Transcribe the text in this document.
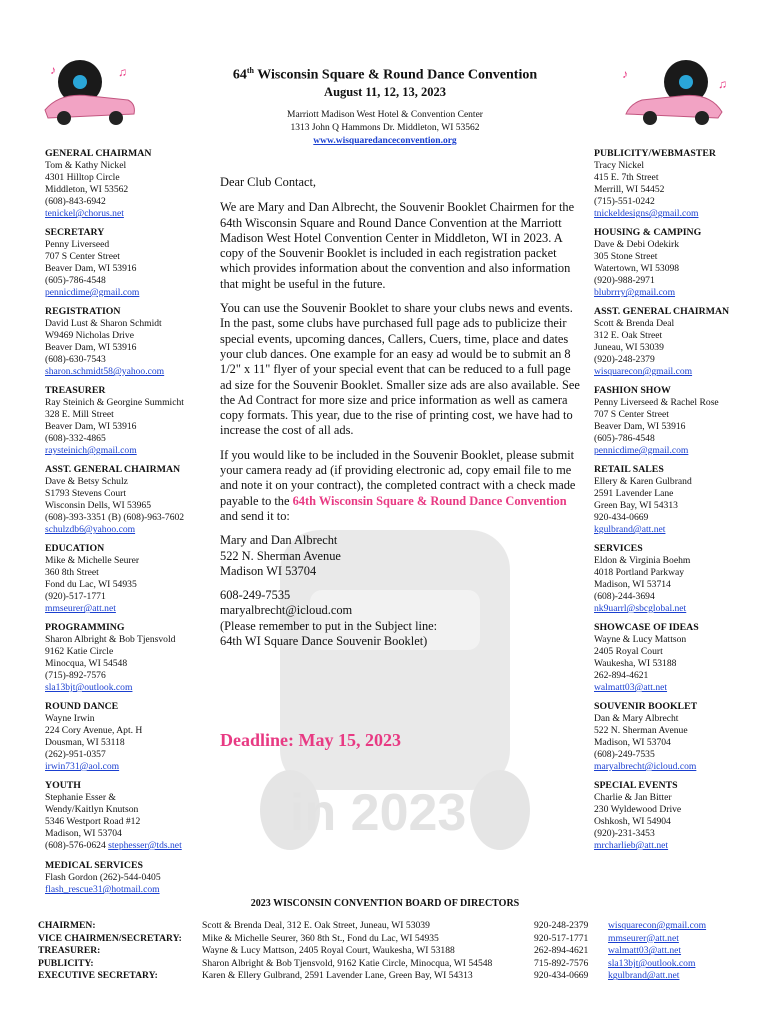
in 2023
♪	♫	♪
♫
64th Wisconsin Square & Round Dance Convention
August 11, 12, 13, 2023
Marriott Madison West Hotel & Convention Center
1313 John Q Hammons Dr. Middleton, WI 53562
www.wisquaredanceconvention.org
GENERAL CHAIRMAN
Tom & Kathy Nickel
4301 Hilltop Circle
Middleton, WI 53562
(608)-843-6942
tenickel@chorus.net
SECRETARY
Penny Liverseed
707 S Center Street
Beaver Dam, WI 53916
(605)-786-4548
pennicdime@gmail.com
REGISTRATION
David Lust & Sharon Schmidt
W9469 Nicholas Drive
Beaver Dam, WI 53916
(608)-630-7543
sharon.schmidt58@yahoo.com
TREASURER
Ray Steinich & Georgine Summicht
328 E. Mill Street
Beaver Dam, WI 53916
(608)-332-4865
raysteinich@gmail.com
ASST. GENERAL CHAIRMAN
Dave & Betsy Schulz
S1793 Stevens Court
Wisconsin Dells, WI 53965
(608)-393-3351 (B) (608)-963-7602
schulzdb6@yahoo.com
EDUCATION
Mike & Michelle Seurer
360 8th Street
Fond du Lac, WI 54935
(920)-517-1771
mmseurer@att.net
PROGRAMMING
Sharon Albright & Bob Tjensvold
9162 Katie Circle
Minocqua, WI 54548
(715)-892-7576
sla13bjt@outlook.com
ROUND DANCE
Wayne Irwin
224 Cory Avenue, Apt. H
Dousman, WI 53118
(262)-951-0357
irwin731@aol.com
YOUTH
Stephanie Esser &
Wendy/Kaitlyn Knutson
5346 Westport Road #12
Madison, WI 53704
(608)-576-0624 stephesser@tds.net
MEDICAL SERVICES
Flash Gordon (262)-544-0405
flash_rescue31@hotmail.com
PUBLICITY/WEBMASTER
Tracy Nickel
415 E. 7th Street
Merrill, WI 54452
(715)-551-0242
tnickeldesigns@gmail.com
HOUSING & CAMPING
Dave & Debi Odekirk
305 Stone Street
Watertown, WI 53098
(920)-988-2971
blubrrry@gmail.com
ASST. GENERAL CHAIRMAN
Scott & Brenda Deal
312 E. Oak Street
Juneau, WI 53039
(920)-248-2379
wisquarecon@gmail.com
FASHION SHOW
Penny Liverseed & Rachel Rose
707 S Center Street
Beaver Dam, WI 53916
(605)-786-4548
pennicdime@gmail.com
RETAIL SALES
Ellery & Karen Gulbrand
2591 Lavender Lane
Green Bay, WI 54313
920-434-0669
kgulbrand@att.net
SERVICES
Eldon & Virginia Boehm
4018 Portland Parkway
Madison, WI 53714
(608)-244-3694
nk9uarrl@sbcglobal.net
SHOWCASE OF IDEAS
Wayne & Lucy Mattson
2405 Royal Court
Waukesha, WI 53188
262-894-4621
walmatt03@att.net
SOUVENIR BOOKLET
Dan & Mary Albrecht
522 N. Sherman Avenue
Madison, WI 53704
(608)-249-7535
maryalbrecht@icloud.com
SPECIAL EVENTS
Charlie & Jan Bitter
230 Wyldewood Drive
Oshkosh, WI 54904
(920)-231-3453
mrcharlieb@att.net

Dear Club Contact,

We are Mary and Dan Albrecht, the Souvenir Booklet Chairmen for the 64th Wisconsin Square and Round Dance Convention at the Marriott Madison West Hotel Convention Center in Middleton, WI in 2023. A copy of the Souvenir Booklet is included in each registration packet which provides information about the convention and also information that might be useful in the future.

You can use the Souvenir Booklet to share your clubs news and events. In the past, some clubs have purchased full page ads to publicize their special events, upcoming dances, Callers, Cuers, time, place and dates your club dances. One example for an easy ad would be to submit an 8 1/2" x 11" flyer of your special event that can be reduced to a full page ad size for the Souvenir Booklet. Smaller size ads are also available. See the Ad Contract for more size and price information as well as camera copy formats. This year, due to the rise of printing cost, we have had to increase the cost of all ads.

If you would like to be included in the Souvenir Booklet, please submit your camera ready ad (if providing electronic ad, copy email file to me and note it on your contract), the completed contract with a check made payable to the 64th Wisconsin Square & Round Dance Convention and send it to:

Mary and Dan Albrecht
522 N. Sherman Avenue
Madison WI 53704
608-249-7535
maryalbrecht@icloud.com
(Please remember to put in the Subject line:
64th WI Square Dance Souvenir Booklet)
Deadline: May 15, 2023
2023 WISCONSIN CONVENTION BOARD OF DIRECTORS
CHAIRMEN:	Scott & Brenda Deal, 312 E. Oak Street, Juneau, WI 53039	920-248-2379	wisquarecon@gmail.com
VICE CHAIRMEN/SECRETARY:	Mike & Michelle Seurer, 360 8th St., Fond du Lac, WI 54935	920-517-1771	mmseurer@att.net
TREASURER:	Wayne & Lucy Mattson, 2405 Royal Court, Waukesha, WI 53188	262-894-4621	walmatt03@att.net
PUBLICITY:	Sharon Albright & Bob Tjensvold, 9162 Katie Circle, Minocqua, WI 54548	715-892-7576	sla13bjt@outlook.com
EXECUTIVE SECRETARY:	Karen & Ellery Gulbrand, 2591 Lavender Lane, Green Bay, WI 54313	920-434-0669	kgulbrand@att.net
